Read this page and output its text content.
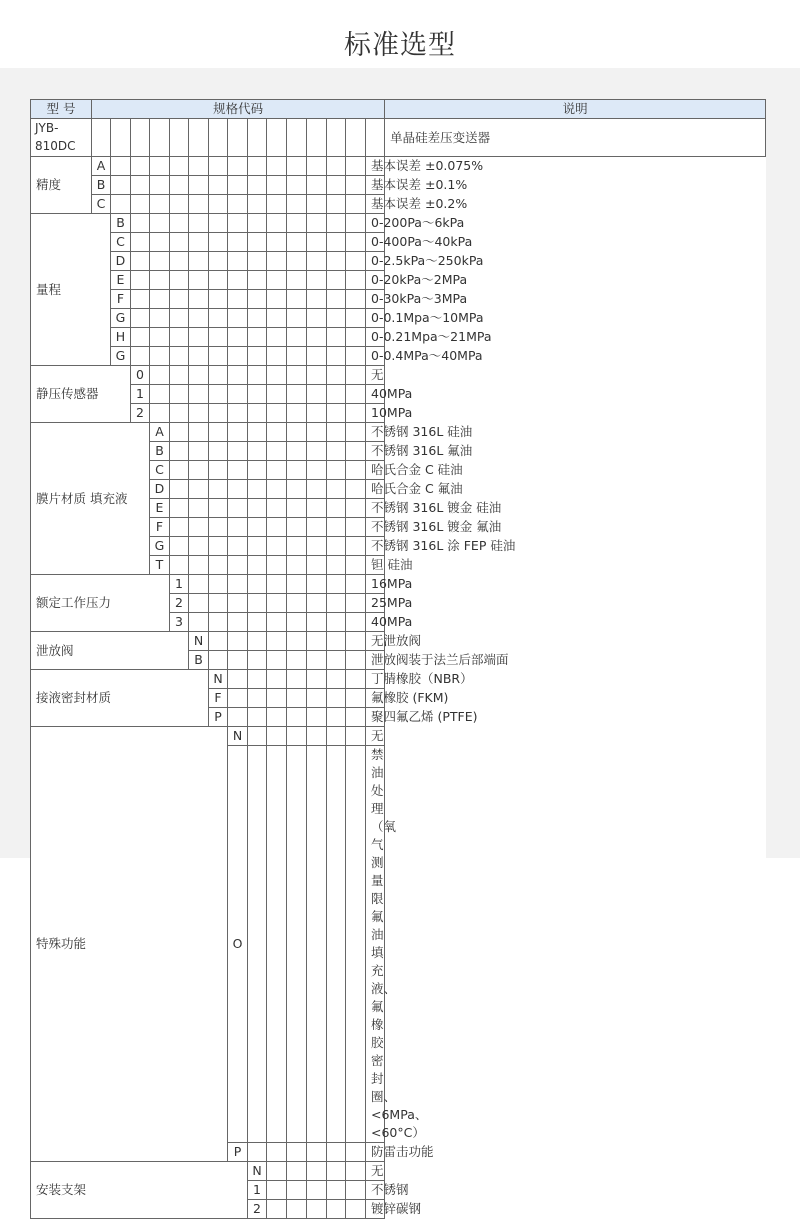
标准选型
型 号	规格代码															说明
JYB-810DC																单晶硅差压变送器
精度	A														基本误差 ±0.075%	
	B														基本误差 ±0.1%	
	C														基本误差 ±0.2%	
量程		B													0-200Pa～6kPa	
		C													0-400Pa～40kPa	
		D													0-2.5kPa～250kPa	
		E													0-20kPa～2MPa	
		F													0-30kPa～3MPa	
		G													0-0.1Mpa～10MPa	
		H													0-0.21Mpa～21MPa	
		G													0-0.4MPa～40MPa	
静压传感器			0												无	
			1												40MPa	
			2												10MPa	
膜片材质 填充液				A											不锈钢 316L 硅油	
				B											不锈钢 316L 氟油	
				C											哈氏合金 C 硅油	
				D											哈氏合金 C 氟油	
				E											不锈钢 316L 镀金 硅油	
				F											不锈钢 316L 镀金 氟油	
				G											不锈钢 316L 涂 FEP 硅油	
				T											钽 硅油	
额定工作压力					1										16MPa	
					2										25MPa	
					3										40MPa	
泄放阀						N									无泄放阀	
						B									泄放阀装于法兰后部端面	
接液密封材质							N								丁腈橡胶（NBR）	
							F								氟橡胶 (FKM)	
							P								聚四氟乙烯 (PTFE)	
特殊功能								N							无	
								O							禁油处理（氧气测量限氟油填充液、氟橡胶密封圈、<6MPa、<60°C）	
								P							防雷击功能	
安装支架									N						无	
									1						不锈钢	
									2						镀锌碳钢	
